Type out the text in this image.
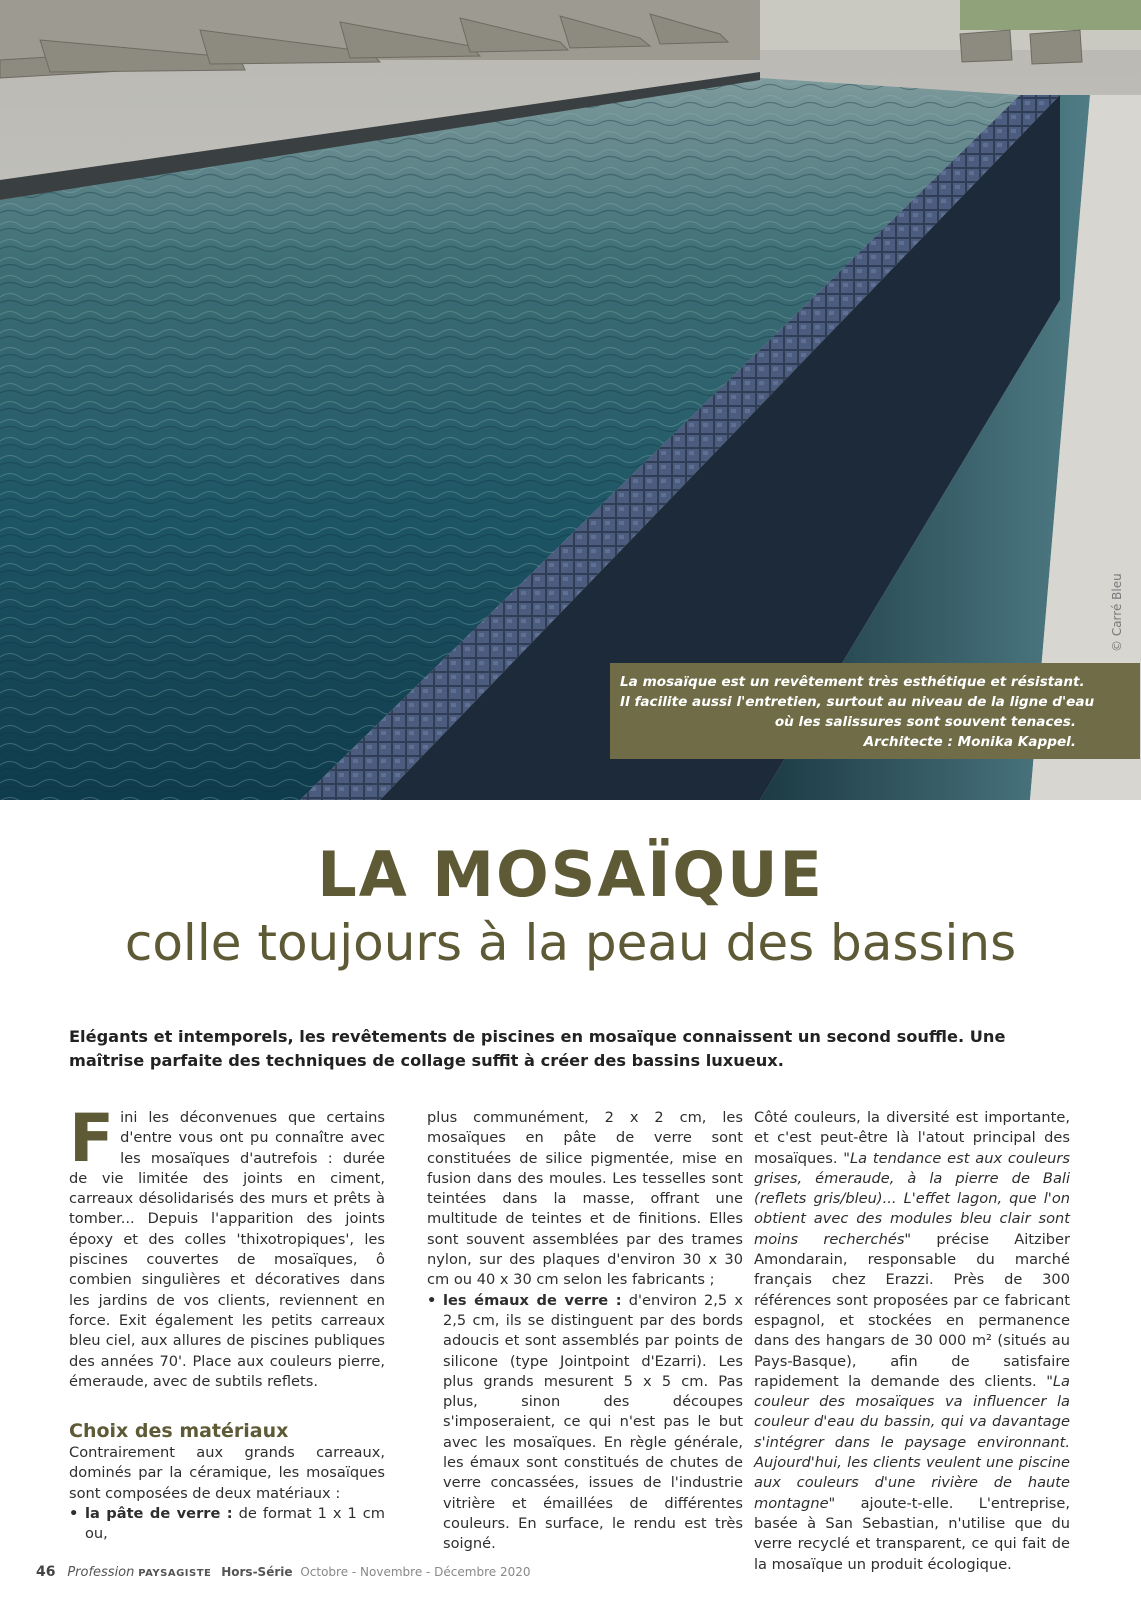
© Carré Bleu
La mosaïque est un revêtement très esthétique et résistant.
Il facilite aussi l'entretien, surtout au niveau de la ligne d'eau
où les salissures sont souvent tenaces.
Architecte : Monika Kappel.
LA MOSAÏQUE
colle toujours à la peau des bassins
Elégants et intemporels, les revêtements de piscines en mosaïque connaissent un second souffle. Une maîtrise parfaite des techniques de collage suffit à créer des bassins luxueux.

Fini les déconvenues que certains d'entre vous ont pu connaître avec les mosaïques d'autrefois : durée de vie limitée des joints en ciment, carreaux désolidarisés des murs et prêts à tomber... Depuis l'apparition des joints époxy et des colles 'thixotropiques', les piscines couvertes de mosaïques, ô combien singulières et décoratives dans les jardins de vos clients, reviennent en force. Exit également les petits carreaux bleu ciel, aux allures de piscines publiques des années 70'. Place aux couleurs pierre, émeraude, avec de subtils reflets.

Choix des matériaux

Contrairement aux grands carreaux, dominés par la céramique, les mosaïques sont composées de deux matériaux :

• la pâte de verre : de format 1 x 1 cm ou,

plus communément, 2 x 2 cm, les mosaïques en pâte de verre sont constituées de silice pigmentée, mise en fusion dans des moules. Les tesselles sont teintées dans la masse, offrant une multitude de teintes et de finitions. Elles sont souvent assemblées par des trames nylon, sur des plaques d'environ 30 x 30 cm ou 40 x 30 cm selon les fabricants ;

• les émaux de verre : d'environ 2,5 x 2,5 cm, ils se distinguent par des bords adoucis et sont assemblés par points de silicone (type Jointpoint d'Ezarri). Les plus grands mesurent 5 x 5 cm. Pas plus, sinon des découpes s'imposeraient, ce qui n'est pas le but avec les mosaïques. En règle générale, les émaux sont constitués de chutes de verre concassées, issues de l'industrie vitrière et émaillées de différentes couleurs. En surface, le rendu est très soigné.

Côté couleurs, la diversité est importante, et c'est peut-être là l'atout principal des mosaïques. "La tendance est aux couleurs grises, émeraude, à la pierre de Bali (reflets gris/bleu)... L'effet lagon, que l'on obtient avec des modules bleu clair sont moins recherchés" précise Aitziber Amondarain, responsable du marché français chez Erazzi. Près de 300 références sont proposées par ce fabricant espagnol, et stockées en permanence dans des hangars de 30 000 m² (situés au Pays-Basque), afin de satisfaire rapidement la demande des clients. "La couleur des mosaïques va influencer la couleur d'eau du bassin, qui va davantage s'intégrer dans le paysage environnant. Aujourd'hui, les clients veulent une piscine aux couleurs d'une rivière de haute montagne" ajoute-t-elle. L'entreprise, basée à San Sebastian, n'utilise que du verre recyclé et transparent, ce qui fait de la mosaïque un produit écologique.

46 Profession PAYSAGISTE Hors-Série Octobre - Novembre - Décembre 2020
